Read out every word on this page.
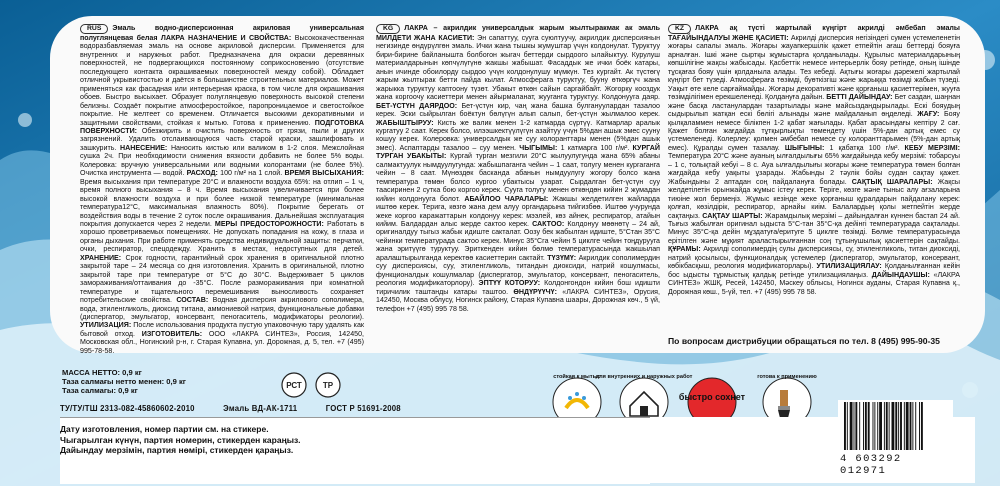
RUS Эмаль водно-дисперсионная акриловая универсальная полуглянцевая белая ЛАКРА НАЗНАЧЕНИЕ И СВОЙСТВА: Высококачественная водоразбавляемая эмаль на основе акриловой дисперсии. Применяется для внутренних и наружных работ. Предназначена для окраски деревянных поверхностей, не подвергающихся постоянному соприкосновению (отсутствие последующего контакта окрашиваемых поверхностей между собой). Обладает отличной укрывистостью и даётся в большинстве строительных материалов. Может применяться как фасадная или интерьерная краска, в том числе для окрашивания обоев. Быстро высыхает. Образует полуглянцевую поверхность высокой степени белизны. Создаёт покрытие атмосферостойкое, паропроницаемое и светостойкое покрытие. Не желтеет со временем. Отличается высокими декоративными и защитными свойствами, стойкая к мытью. Готова к применению. ПОДГОТОВКА ПОВЕРХНОСТИ: Обезжирить и очистить поверхность от грязи, пыли и других загрязнений. Удалить отслаивающуюся часть старой краски, зашлифовать и зашкурить. НАНЕСЕНИЕ: Наносить кистью или валиком в 1-2 слоя. Межслойная сушка 2ч. При необходимости снижения вязкости добавить не более 5% воды. Колеровка: вручную универсальными или водными колорантами (не более 5%). Очистка инструмента — водой. РАСХОД: 100 г/м² на 1 слой. ВРЕМЯ ВЫСЫХАНИЯ: Время высыхания при температуре 20°С и влажности воздуха 65%: на отлип – 1 ч, время полного высыхания – 8 ч. Время высыхания увеличивается при более высокой влажности воздуха и при более низкой температуре (минимальная температура12°С, максимальная влажность 80%). Покрытие берегать от воздействия воды в течение 2 суток после окрашивания. Дальнейшая эксплуатация покрытия допускается через 2 недели. МЕРЫ ПРЕДОСТОРОЖНОСТИ: Работать в хорошо проветриваемых помещениях. Не допускать попадания на кожу, в глаза и органы дыхания. При работе применять средства индивидуальной защиты: перчатки, очки, респиратор, спецодежду. Хранить в местах, недоступных для детей. ХРАНЕНИЕ: Срок годности, гарантийный срок хранения в оригинальной плотно закрытой таре – 24 месяца со дня изготовления. Хранить в оригинальной, плотно закрытой таре при температуре от 5°С до 30°С. Выдерживает 5 циклов замораживания/оттаивания до -35°С. После размораживания при комнатной температуре и тщательного перемешивания выносливость сохраняет потребительские свойства. СОСТАВ: Водная дисперсия акрилового сополимера, вода, этиленгликоль, диоксид титана, аммониевой натрия, функциональные добавки (диспергатор, эмульгатор, консервант, пеногаситель, модификаторы реологии). УТИЛИЗАЦИЯ: После использования продукта пустую упаковочную тару удалять как бытовой отход. ИЗГОТОВИТЕЛЬ: ООО «ЛАКРА СИНТЕЗ», Россия, 142450, Московская обл., Ногинский р-н, г. Старая Купавна, ул. Дорожная, д. 5, тел. +7 (495) 995-78-58.
KG ЛАКРА – акрилдик универсалдык жарым жылтыракмак ак эмаль МИЛДЕТИ ЖАНА КАСИЕТИ: Эн сапаттуу, сууга суюлтуучу, акрилдик дисперсиянын негизинде өндүрүлгөн эмаль. Ички жана тышкы жумуштар үчүн колдонулат. Туруктуу бири-бирине байланышта болбогон жыгач беттерди сырдоого ылайыктуу. Курулуш материалдарынын көпчүлүгүнө жакшы жабышат. Фасаддык же ички боёк катары, анын ичинде обоилорду сырдоо үчүн колдонулушу мүмкүн. Тез кургайт. Ак түстөгү жарым жылтырак бетти пайда кылат. Атмосферага туруктуу, бууну өткөргүч жана жарыкка туруктуу каптоону түзөт. Убакыт өткөн сайын саргайбайт. Жогорку кооздук жана коргоочу касиеттери менен айырмаланат, жууганга туруктуу. Колдонууга даяр. БЕТ-ҮСТҮН ДАЯРДОО: Бет-үстүн кир, чаң жана башка булгануулардан тазалоо керек. Эски сыйрылган боёктун бөлүгүн алып салып, бет-үстүн жылмалоо керек. ЖАБЫШТЫРУУ: Кисть же валик менен 1-2 катмарда сүртүү. Катмарлар аралык кургатуу 2 саат. Керек болсо, илээшкектүүлүгүн азайтуу үчүн 5%дан ашык эмес сууну кошуу керек. Колеровка: универсалдык же суу колоранттары менен (5%дан ашык эмес). Аспаптарды тазалоо – суу менен. ЧЫГЫМЫ: 1 катмарга 100 г/м². КУРГАЙ ТУРГАН УБАКЫТЫ: Кургай турган мезгили 20°С жылуулугунда жана 65% абаны салмактуулук нымдуулугунда: жабышпаганга чейин – 1 саат, толугу менен кургаганга чейин – 8 саат. Мүнөздөк басканда абанын нымдуулугу жогору болсо жана температура төмөн болсо кургоо убактысы узарат. Сырдалган бет-үстүн суу таасиринен 2 сутка бою коргоо керек. Сууга толугу менен өткөндөн кийин 2 жумадан кийин колдонууга болот. АБАЙЛОО ЧАРАЛАРЫ: Жакшы желдетилген жайларда иштөө керек. Терига, көзгө жана дем алуу органдарына тийгизбөө. Иштөө учурунда жеке коргоо каражаттарын колдонуу керек: мээлей, көз айнек, респиратор, атайын кийим. Балдардан алыс жерде сактоо керек. САКТОО: Колдонуу мөөнөтү – 24 ай, оригиналдуу тыгыз жабык идиште сакталат. Оозу бек жабылган идиште, 5°Стан 35°С чейинки температурада сактоо керек. Минус 35°Сга чейин 5 циклге чейин тоңдурууга жана эритүүгө туруктуу. Эриткенден кийин бөлмө температурасында жакшылап аралаштырылганда керектөө касиеттерин сактайт. ТҮЗҮМҮ: Акрилдик сополимердин суу дисперсиясы, суу, этиленгликоль, титандын диоксиди, натрий кошулмасы, функционалдык кошулмалар (диспергатор, эмульгатор, консервант, пеногаситель, реология модификаторлору). ЭПТҮҮ КОТОРУУ: Колдонгондон кийин бош идишти тиричилик таштанды катары таштоо. ӨНДҮРҮҮЧҮ: «ЛАКРА СИНТЕЗ», Орусия, 142450, Москва облусу, Ногинск району, Старая Купавна шаары, Дорожная көч., 5 үй, телефон +7 (495) 995 78 58.
KZ ЛАКРА ақ түсті жартылай күңгірт акрилді әмбебап эмалы ТАҒАЙЫНДАЛУЫ ЖӘНЕ ҚАСИЕТІ: Акрилді дисперсия негізіндегі сумен үстемеленетін жоғары сапалы эмаль. Жоғары жауапкершілік қажет етпейтін ағаш беттерді бояуға арналған. Ішкі және сыртқы жұмыстарға қолданылады. Құрылыс материалдарының көпшілігіне жақсы жабысады. Қасбеттік немесе интерьерлік бояу ретінде, оның ішінде тұсқағаз бояу үшін қолданыла алады. Тез кебеді. Ақтығы жоғары дәрежелі жартылай күңгірт бет түзеді. Атмосфераға төзімді, буөткізгіш және жарыққа төзімді жабын түзеді. Уақыт өте келе сарғаймайды. Жоғары декоративті және қорғаныш қасиеттерімен, жууға төзімділігімен ерекшеленеді. Қолдануға дайын. БЕТТІ ДАЙЫНДАУ: Бет саздан, шаңнан және басқа ластанулардан тазартылады және майсыздандырылады. Ескі бояудың сыдырылып жатқан ескі бөлігі алынады және майдаланып өңделеді. ЖАҒУ: Бояу қылқаламмен немесе білікпен 1-2 қабат жағылады. Қабат арасындағы кептіру 2 сағ. Қажет болған жағдайда тұтқырлықты төмендету үшін 5%-дан артық емес су үстемеленеді. Колерлеу: қолмен әмбебап немесе су колоранттарымен (5%-дан артық емес). Құралды сумен тазалау. ШЫҒЫНЫ: 1 қабатқа 100 г/м². КЕБУ МЕРЗІМІ: Температура 20°С және ауаның ылғалдылығы 65% жағдайында кебу мерзімі: тобарсуы – 1 с, толықтай кебуі – 8 с. Ауа ылғалдылығы жоғары және температура төмен болған жағдайда кебу уақыты ұзарады. Жабынды 2 тәулік бойы судан сақтау қажет. Жабындыны 2 аптадан соң пайдалануға болады. САҚТЫҚ ШАРАЛАРЫ: Жақсы желдетілетін орынжайда жұмыс істеу керек. Теріге, көзге және тыныс алу ағзаларына тиюіне жол бермеңіз. Жұмыс кезінде жеке қорғаныш құралдарын пайдалану керек: қолғап, көзілдірік, респиратор, арнайы киім. Балалардың қолы жетпейтін жерде сақтаңыз. САҚТАУ ШАРТЫ: Жарамдылық мерзімі – дайындалған күннен бастап 24 ай. Тығыз жабылған оригинал ыдыста 5°С-тан 35°С-қа дейінгі температурада сақталады. Минус 35°С-қа дейін мұздатуға/еритуге 5 циклге төзімді. Бөлме температурасында ерітілген және мұқият араластырылғаннан соң тұтынушылық қасиеттерін сақтайды. ҚҰРАМЫ: Акрилді сополимердің сулы дисперсиясы, су, этиленгликоль, титан диоксиді, натрий қосылысы, функционалдық үстемелер (диспергатор, эмульгатор, консервант, көбікбасқыш, реология модификаторлары). УТИЛИЗАЦИЯЛАУ: Қолданылғаннан кейін бос ыдысты тұрмыстық қалдық ретінде утилизациялаңыз. ДАЙЫНДАУШЫ: «ЛАКРА СИНТЕЗ» ЖШҚ, Ресей, 142450, Мәскеу облысы, Ногинск ауданы, Старая Купавна қ., Дорожная көш., 5-үй, тел. +7 (495) 995 78 58.
По вопросам дистрибуции обращаться по тел. 8 (495) 995-90-35
МАССА НЕТТО: 0,9 кг
Таза салмағы нетто менен: 0,9 кг
Таза салмагы: 0,9 кг
РСТ	ТР
ТУ/ТУ/ТШ 2313-082-45860602-2010	Эмаль ВД-АК-1711	ГОСТ Р 51691-2008
стойкая к мытью
для внутренних и наружных работ
быстро сохнет
готова к применению
Дату изготовления, номер партии см. на стикере.
Чыгарылган күнүн, партия номерин, стикерден караңыз.
Дайындау мерзімін, партия нөмірі, стикерден қараңыз.
4 603292 012971
